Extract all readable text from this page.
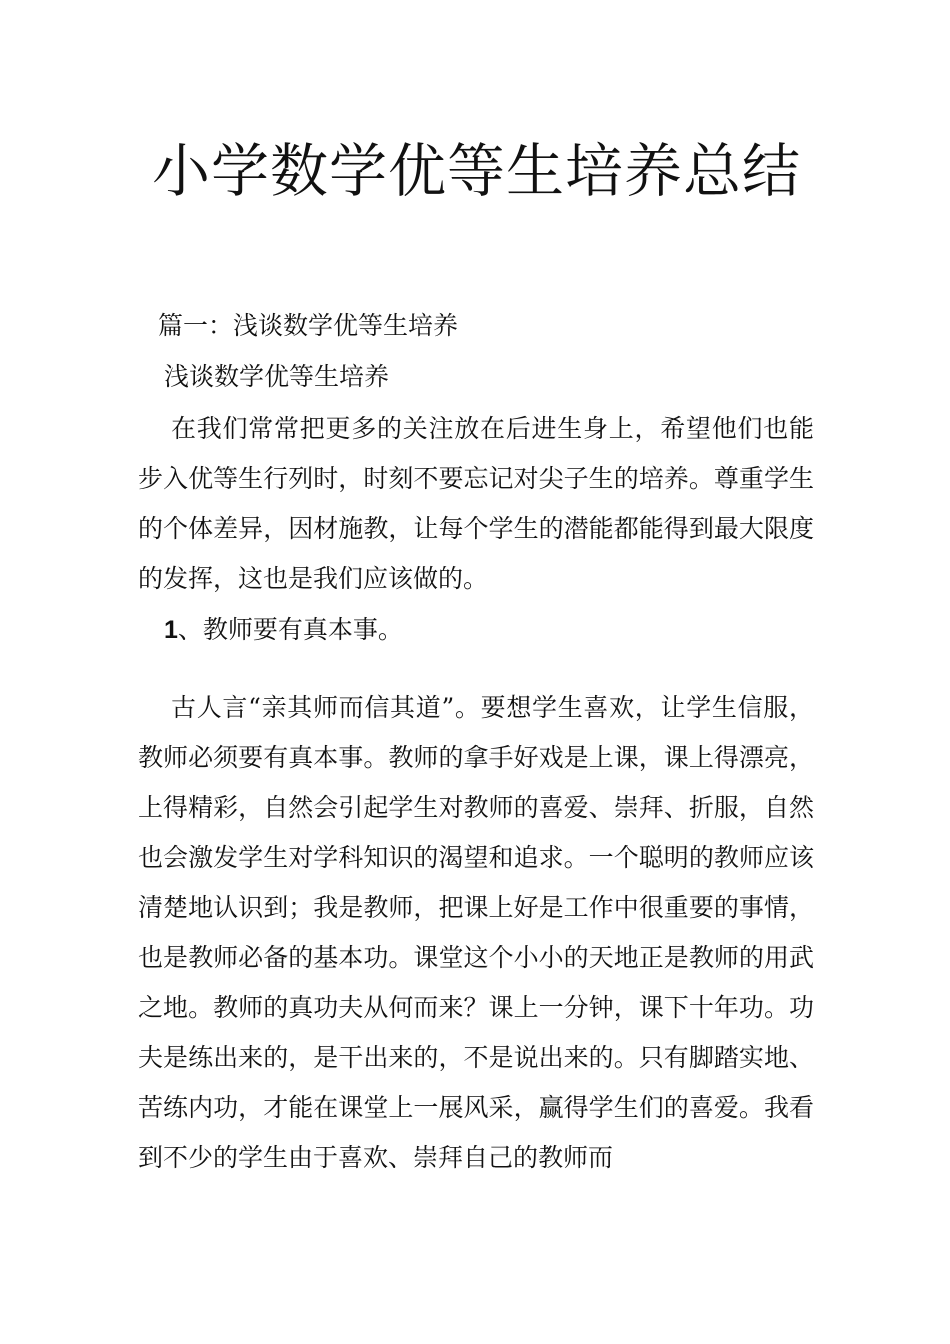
小学数学优等生培养总结

篇一：浅谈数学优等生培养

浅谈数学优等生培养

在我们常常把更多的关注放在后进生身上，希望他们也能步入优等生行列时，时刻不要忘记对尖子生的培养。尊重学生的个体差异，因材施教，让每个学生的潜能都能得到最大限度的发挥，这也是我们应该做的。

1、教师要有真本事。

古人言“亲其师而信其道”。要想学生喜欢，让学生信服，教师必须要有真本事。教师的拿手好戏是上课，课上得漂亮，上得精彩，自然会引起学生对教师的喜爱、崇拜、折服，自然也会激发学生对学科知识的渴望和追求。一个聪明的教师应该清楚地认识到；我是教师，把课上好是工作中很重要的事情，也是教师必备的基本功。课堂这个小小的天地正是教师的用武之地。教师的真功夫从何而来？课上一分钟，课下十年功。功夫是练出来的，是干出来的，不是说出来的。只有脚踏实地、苦练内功，才能在课堂上一展风采，赢得学生们的喜爱。我看到不少的学生由于喜欢、崇拜自己的教师而
